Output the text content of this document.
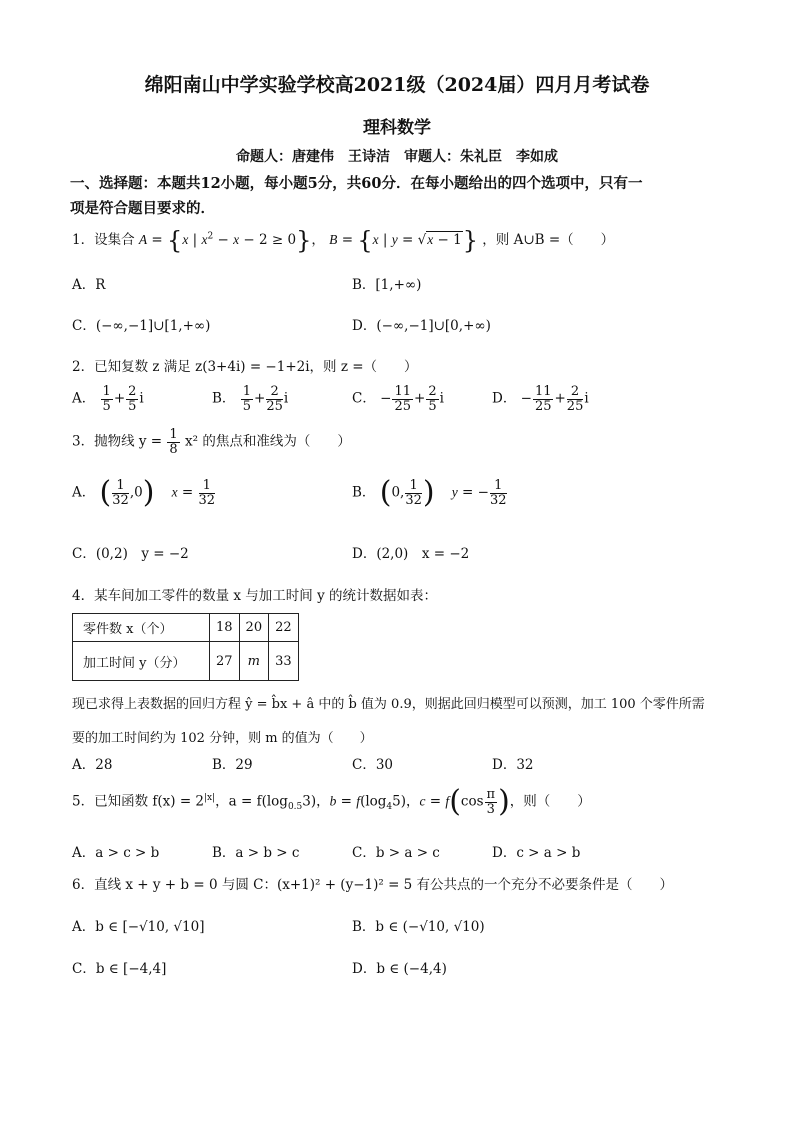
绵阳南山中学实验学校高2021级（2024届）四月月考试卷
理科数学
命题人：唐建伟　王诗洁　审题人：朱礼臣　李如成
一、选择题：本题共12小题，每小题5分，共60分．在每小题给出的四个选项中，只有一
项是符合题目要求的．
1．设集合 A = {x | $x^2 - x - 2 \ge 0$}， B = {x | y = √x − 1} ，则 A∪B =（　　）
A．R	B．[1,+∞)
C．(−∞,−1]∪[1,+∞)	D．(−∞,−1]∪[0,+∞)
2．已知复数 z 满足 z(3+4i) = −1+2i，则 z =（　　）
A． $\frac{1}{5} + \frac{2}{5}$ i	B． $\frac{1}{5} + \frac{2}{25}$ i	C． − $\frac{11}{25} + \frac{2}{5}$ i	D． − $\frac{11}{25} + \frac{2}{25}$ i
3．抛物线 $y = \frac{1}{8} x^2$ 的焦点和准线为（　　）
A． ( $\frac{1}{32} ,0$) $x = \frac{1}{32}$	B． (0, $\frac{1}{32}$ ) y = − $\frac{1}{32}$
C．(0,2)　y = −2	D．(2,0)　x = −2
4．某车间加工零件的数量 x 与加工时间 y 的统计数据如表：
零件数 x（个）	18	20	22
加工时间 y（分）	27	m	33
现已求得上表数据的回归方程 ŷ = b̂x + â 中的 b̂ 值为 0.9，则据此回归模型可以预测，加工 100 个零件所需
要的加工时间约为 102 分钟，则 m 的值为（　　）
A．28	B．29	C．30	D．32
5．已知函数 $f(x) = 2^{|x|}$，$a = f(\log_{0.5}3)$，$b = f(\log_45)$，$c = f(\cos \frac{\pi}{3}$ )，则（　　）
A．a > c > b	B．a > b > c	C．b > a > c	D．c > a > b
6．直线 x + y + b = 0 与圆 C：(x+1)² + (y−1)² = 5 有公共点的一个充分不必要条件是（　　）
A．b ∈ [−√10, √10]	B．b ∈ (−√10, √10)
C．b ∈ [−4,4]	D．b ∈ (−4,4)
